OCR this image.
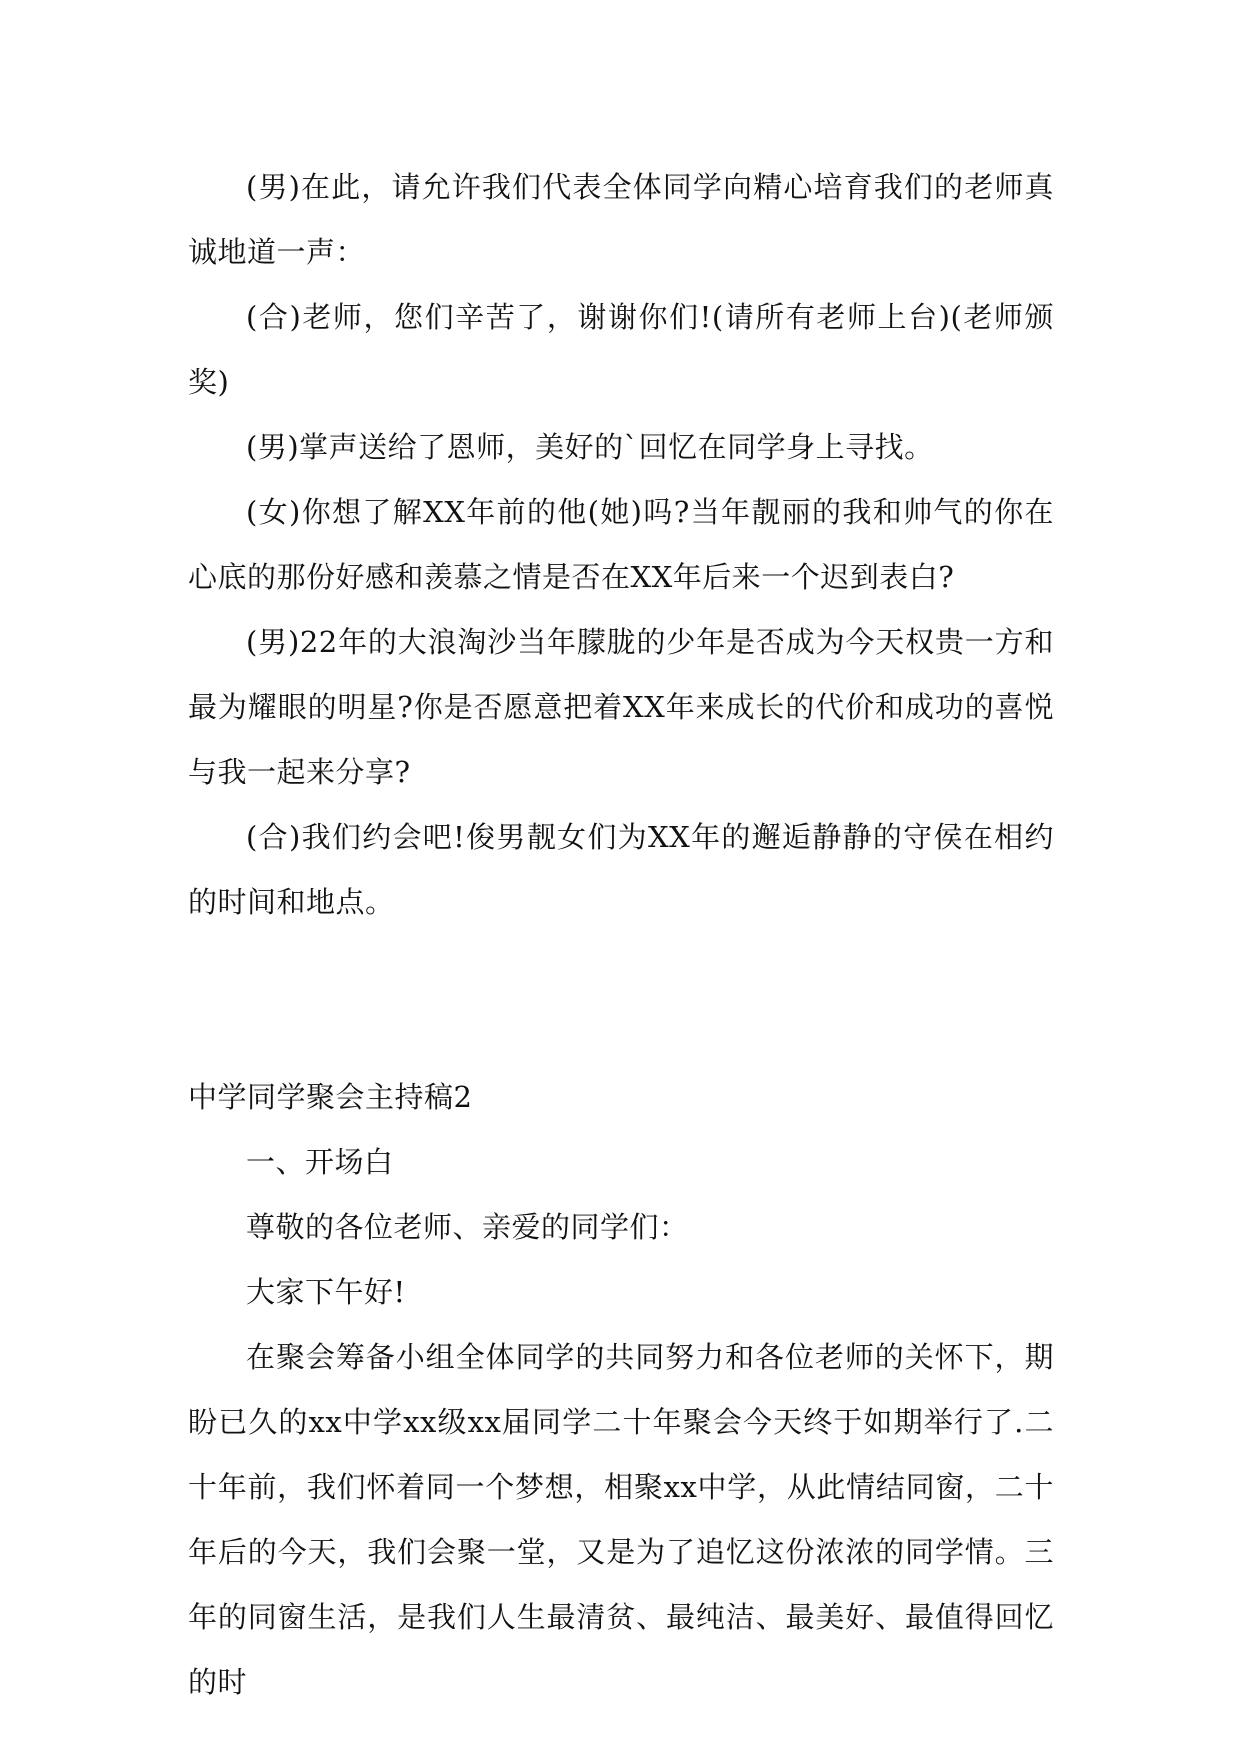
(男)在此，请允许我们代表全体同学向精心培育我们的老师真诚地道一声：

(合)老师，您们辛苦了，谢谢你们!(请所有老师上台)(老师颁奖)

(男)掌声送给了恩师，美好的`回忆在同学身上寻找。

(女)你想了解XX年前的他(她)吗?当年靓丽的我和帅气的你在心底的那份好感和羡慕之情是否在XX年后来一个迟到表白?

(男)22年的大浪淘沙当年朦胧的少年是否成为今天权贵一方和最为耀眼的明星?你是否愿意把着XX年来成长的代价和成功的喜悦与我一起来分享?

(合)我们约会吧!俊男靓女们为XX年的邂逅静静的守侯在相约的时间和地点。

中学同学聚会主持稿2

一、开场白

尊敬的各位老师、亲爱的同学们：

大家下午好!

在聚会筹备小组全体同学的共同努力和各位老师的关怀下，期盼已久的xx中学xx级xx届同学二十年聚会今天终于如期举行了.二十年前，我们怀着同一个梦想，相聚xx中学，从此情结同窗，二十年后的今天，我们会聚一堂，又是为了追忆这份浓浓的同学情。三年的同窗生活，是我们人生最清贫、最纯洁、最美好、最值得回忆的时
